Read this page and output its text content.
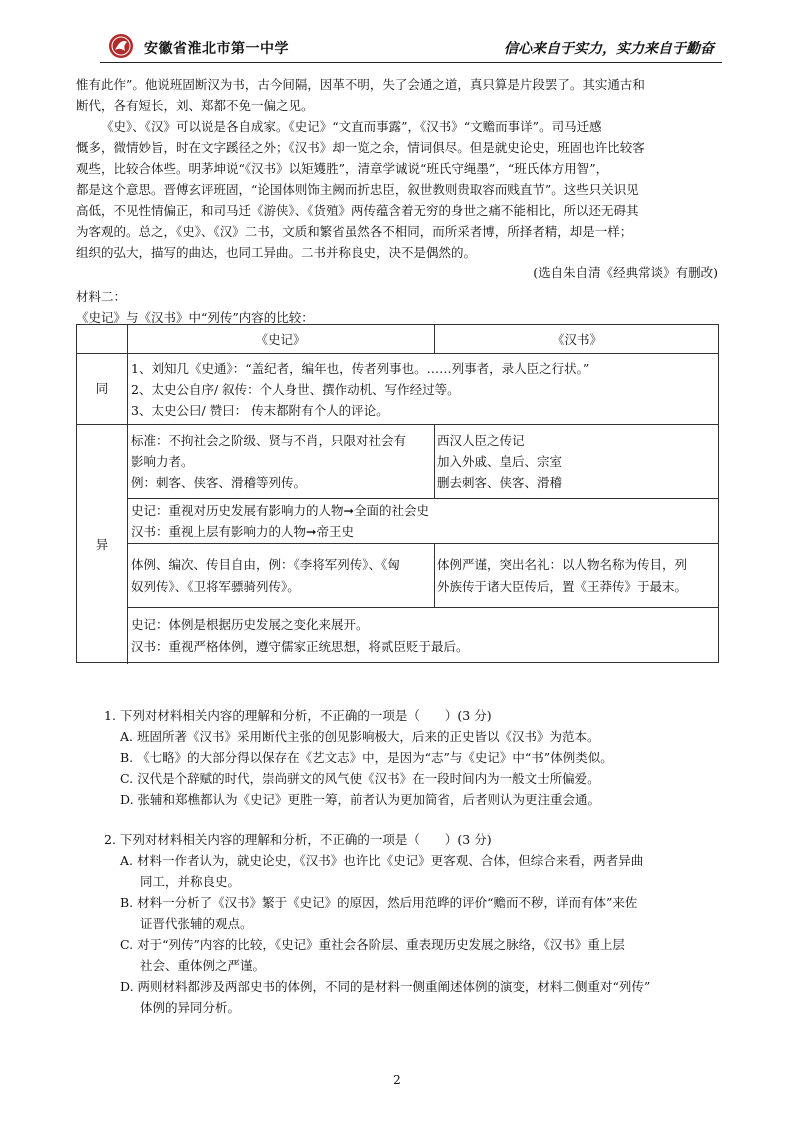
安徽省淮北市第一中学	信心来自于实力，实力来自于勤奋
惟有此作”。他说班固断汉为书，古今间隔，因革不明，失了会通之道，真只算是片段罢了。其实通古和
断代，各有短长，刘、郑都不免一偏之见。
《史》、《汉》可以说是各自成家。《史记》“文直而事露”，《汉书》“文赡而事详”。司马迁感
慨多，微情妙旨，时在文字蹊径之外；《汉书》却一览之余，情词俱尽。但是就史论史，班固也许比较客
观些，比较合体些。明茅坤说“《汉书》以矩矱胜”，清章学诚说“班氏守绳墨”，“班氏体方用智”，
都是这个意思。晋傅玄评班固，“论国体则饰主阙而折忠臣，叙世教则贵取容而贱直节”。这些只关识见
高低，不见性情偏正，和司马迁《游侠》、《货殖》两传蕴含着无穷的身世之痛不能相比，所以还无碍其
为客观的。总之，《史》、《汉》二书，文质和繁省虽然各不相同，而所采者博，所择者精，却是一样；
组织的弘大，描写的曲达，也同工异曲。二书并称良史，决不是偶然的。
(选自朱自清《经典常谈》有删改)
材料二：
《史记》与《汉书》中“列传”内容的比较：
《史记》	《汉书》
同
1、刘知几《史通》：“盖纪者，编年也，传者列事也。……列事者，录人臣之行状。”
2、太史公自序/ 叙传：个人身世、撰作动机、写作经过等。
3、太史公曰/ 赞曰： 传末都附有个人的评论。
异
标准：不拘社会之阶级、贤与不肖，只限对社会有
影响力者。
例：刺客、侠客、滑稽等列传。
西汉人臣之传记
加入外戚、皇后、宗室
删去刺客、侠客、滑稽
史记：重视对历史发展有影响力的人物➞全面的社会史
汉书：重视上层有影响力的人物➞帝王史
体例、编次、传目自由，例：《李将军列传》、《匈
奴列传》、《卫将军骠骑列传》。
体例严谨，突出名礼：以人物名称为传目，列
外族传于诸大臣传后，置《王莽传》于最末。
史记：体例是根据历史发展之变化来展开。
汉书：重视严格体例，遵守儒家正统思想，将贰臣贬于最后。
1. 下列对材料相关内容的理解和分析，不正确的一项是（　　）(3 分)
A. 班固所著《汉书》采用断代主张的创见影响极大，后来的正史皆以《汉书》为范本。
B. 《七略》的大部分得以保存在《艺文志》中，是因为“志”与《史记》中“书”体例类似。
C. 汉代是个辞赋的时代，崇尚骈文的风气使《汉书》在一段时间内为一般文士所偏爱。
D. 张辅和郑樵都认为《史记》更胜一筹，前者认为更加简省，后者则认为更注重会通。
2. 下列对材料相关内容的理解和分析，不正确的一项是（　　）(3 分)
A. 材料一作者认为，就史论史，《汉书》也许比《史记》更客观、合体，但综合来看，两者异曲
同工，并称良史。
B. 材料一分析了《汉书》繁于《史记》的原因，然后用范晔的评价“赡而不秽，详而有体”来佐
证晋代张辅的观点。
C. 对于“列传”内容的比较，《史记》重社会各阶层、重表现历史发展之脉络，《汉书》重上层
社会、重体例之严谨。
D. 两则材料都涉及两部史书的体例，不同的是材料一侧重阐述体例的演变，材料二侧重对“列传”
体例的异同分析。
2
